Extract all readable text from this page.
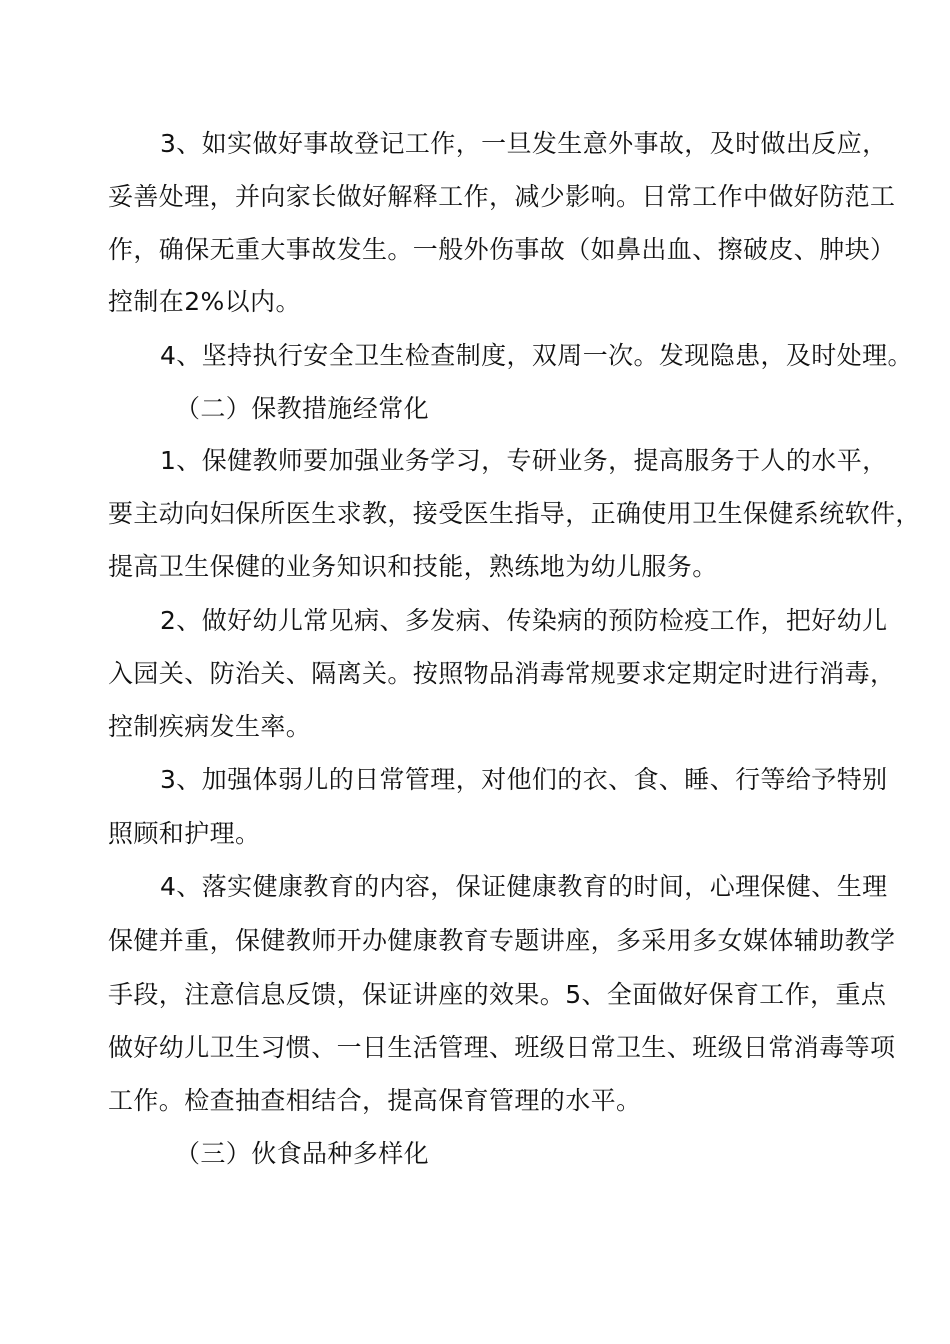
3、如实做好事故登记工作，一旦发生意外事故，及时做出反应，
妥善处理，并向家长做好解释工作，减少影响。日常工作中做好防范工
作，确保无重大事故发生。一般外伤事故（如鼻出血、擦破皮、肿块）
控制在2%以内。
4、坚持执行安全卫生检查制度，双周一次。发现隐患，及时处理。
（二）保教措施经常化
1、保健教师要加强业务学习，专研业务，提高服务于人的水平，
要主动向妇保所医生求教，接受医生指导，正确使用卫生保健系统软件，
提高卫生保健的业务知识和技能，熟练地为幼儿服务。
2、做好幼儿常见病、多发病、传染病的预防检疫工作，把好幼儿
入园关、防治关、隔离关。按照物品消毒常规要求定期定时进行消毒，
控制疾病发生率。
3、加强体弱儿的日常管理，对他们的衣、食、睡、行等给予特别
照顾和护理。
4、落实健康教育的内容，保证健康教育的时间，心理保健、生理
保健并重，保健教师开办健康教育专题讲座，多采用多女媒体辅助教学
手段，注意信息反馈，保证讲座的效果。5、全面做好保育工作，重点
做好幼儿卫生习惯、一日生活管理、班级日常卫生、班级日常消毒等项
工作。检查抽查相结合，提高保育管理的水平。
（三）伙食品种多样化
